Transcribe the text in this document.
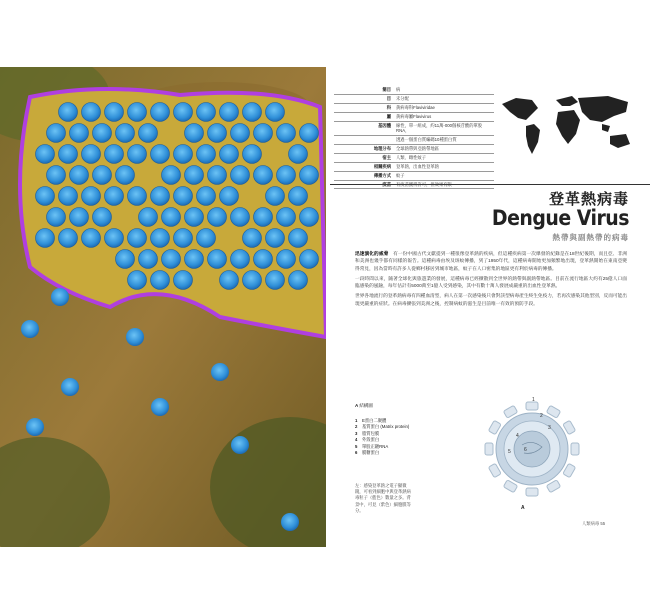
簡目	病
目	未分配
科	黃病毒科Flaviviridae
屬	黃病毒屬Flavivirus
基因體	線性，單一組成，約11萬-000個核苷酸的單股RNA，
透過一個蛋白質編碼10種蛋白質
地理分布	全球熱帶與亞熱帶地區
宿主	人類、雌性蚊子
相關疾病	登革熱，出血性登革熱
傳播方式	蚊子
疫苗	有疫苗獲得許可，但效果有限
登革熱病毒
Dengue Virus
熱帶與副熱帶的病毒

迅速演化的威脅　 有一份中國古代文獻提到一種很像登革熱的疾病，但這種疾病第一次爆發的紀錄是在18世紀後期，而且亞、非洲和美洲也幾乎都有同樣的報告。這種病毒由埃及斑蚊傳播，到了1950年代，這種病毒開始更加頻繁地出現，登革熱開始在東南亞變得常見，因為當時有許多人從鄉村移居到城市地區，蚊子在人口密集的地區更有利於病毒的傳播。

一段時間以來，隨著全球化與旅遊業的發展，這種病毒已經擴散到全世界的熱帶與副熱帶地區。目前在流行地區大約有25億人口面臨感染的風險，每年估計有5000萬至1億人受到感染，其中有數十萬人發展成嚴重的出血性登革熱。

世界各地流行的登革熱病毒有四種血清型，病人在第一次感染後只會對該型病毒產生終生免疫力，若再次感染其他型別，反而可能出現更嚴重的症狀。在病毒擴張到美洲之後，控制病蚊的滋生是目前唯一有效的預防手段。

A 結構圖
1	E蛋白二聚體
2	基質蛋白 (Matrix protein)
3	脂質包膜
4	外殼蛋白
5	單股正鏈RNA
6	膜糖蛋白
左：感染登革熱之電子顯微鏡，可看到細胞中與登革熱病毒粒子（藍色）數量之多。背景中，可見（紫色）細胞膜等分。
1
2
3
4
5	6
A
人類病毒 55
